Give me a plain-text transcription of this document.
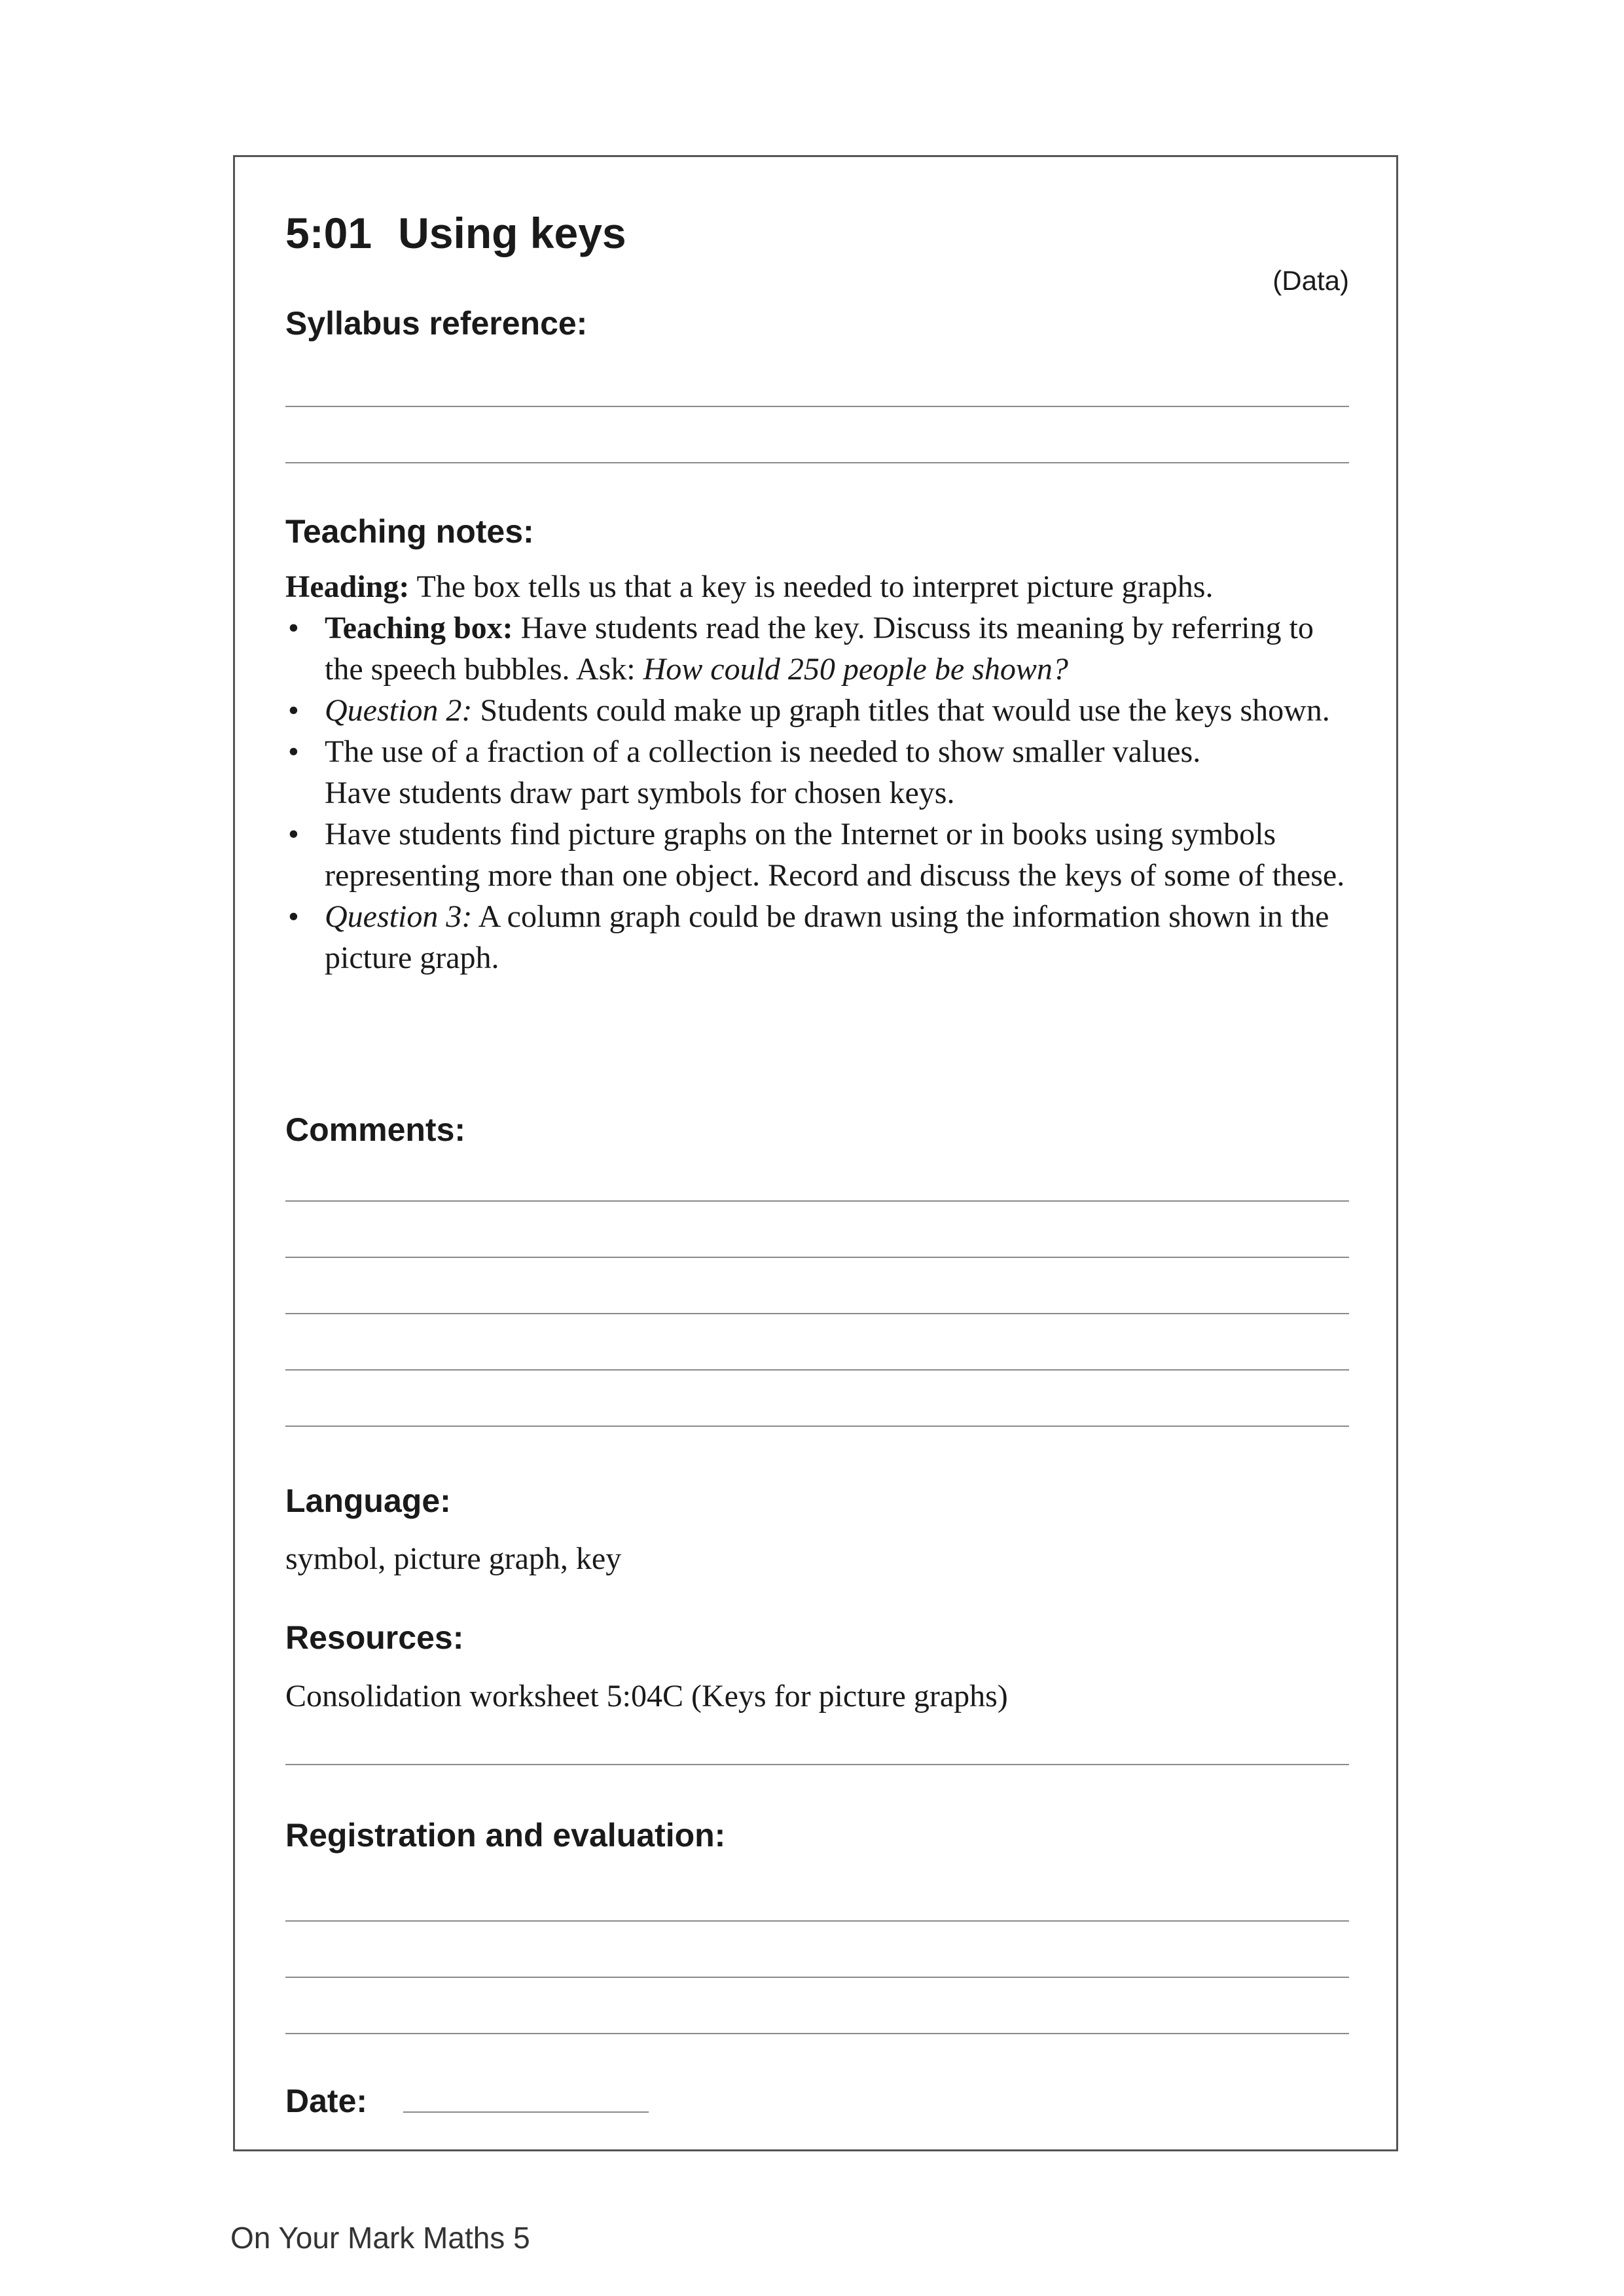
5:01 Using keys
(Data)
Syllabus reference:
Teaching notes:

Heading: The box tells us that a key is needed to interpret picture graphs.

• Teaching box: Have students read the key. Discuss its meaning by referring to the speech bubbles. Ask: How could 250 people be shown?
• Question 2: Students could make up graph titles that would use the keys shown.
• The use of a fraction of a collection is needed to show smaller values.
Have students draw part symbols for chosen keys.
• Have students find picture graphs on the Internet or in books using symbols representing more than one object. Record and discuss the keys of some of these.
• Question 3: A column graph could be drawn using the information shown in the picture graph.
Comments:
Language:
symbol, picture graph, key
Resources:
Consolidation worksheet 5:04C (Keys for picture graphs)
Registration and evaluation:
Date:
On Your Mark Maths 5
